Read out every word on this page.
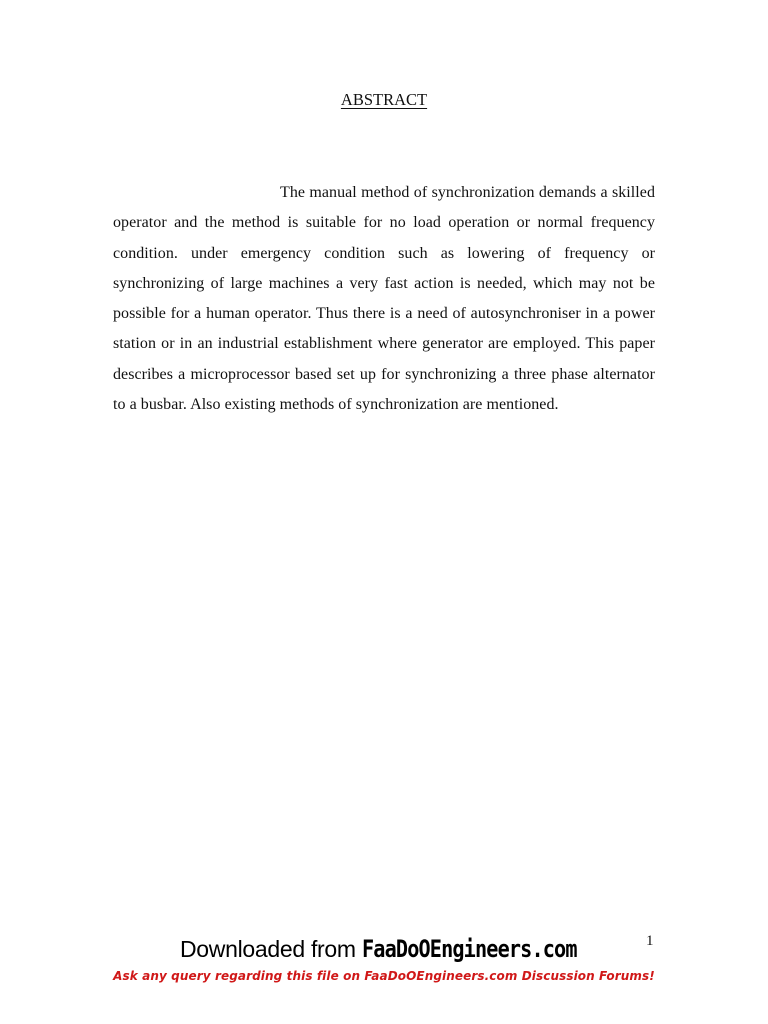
ABSTRACT

The manual method of synchronization demands a skilled operator and the method is suitable for no load operation or normal frequency condition. under emergency condition such as lowering of frequency or synchronizing of large machines a very fast action is needed, which may not be possible for a human operator. Thus there is a need of autosynchroniser in a power station or in an industrial establishment where generator are employed. This paper describes a microprocessor based set up for synchronizing a three phase alternator to a busbar. Also existing methods of synchronization are mentioned.

1
Downloaded from FaaDoOEngineers.com
Ask any query regarding this file on FaaDoOEngineers.com Discussion Forums!
